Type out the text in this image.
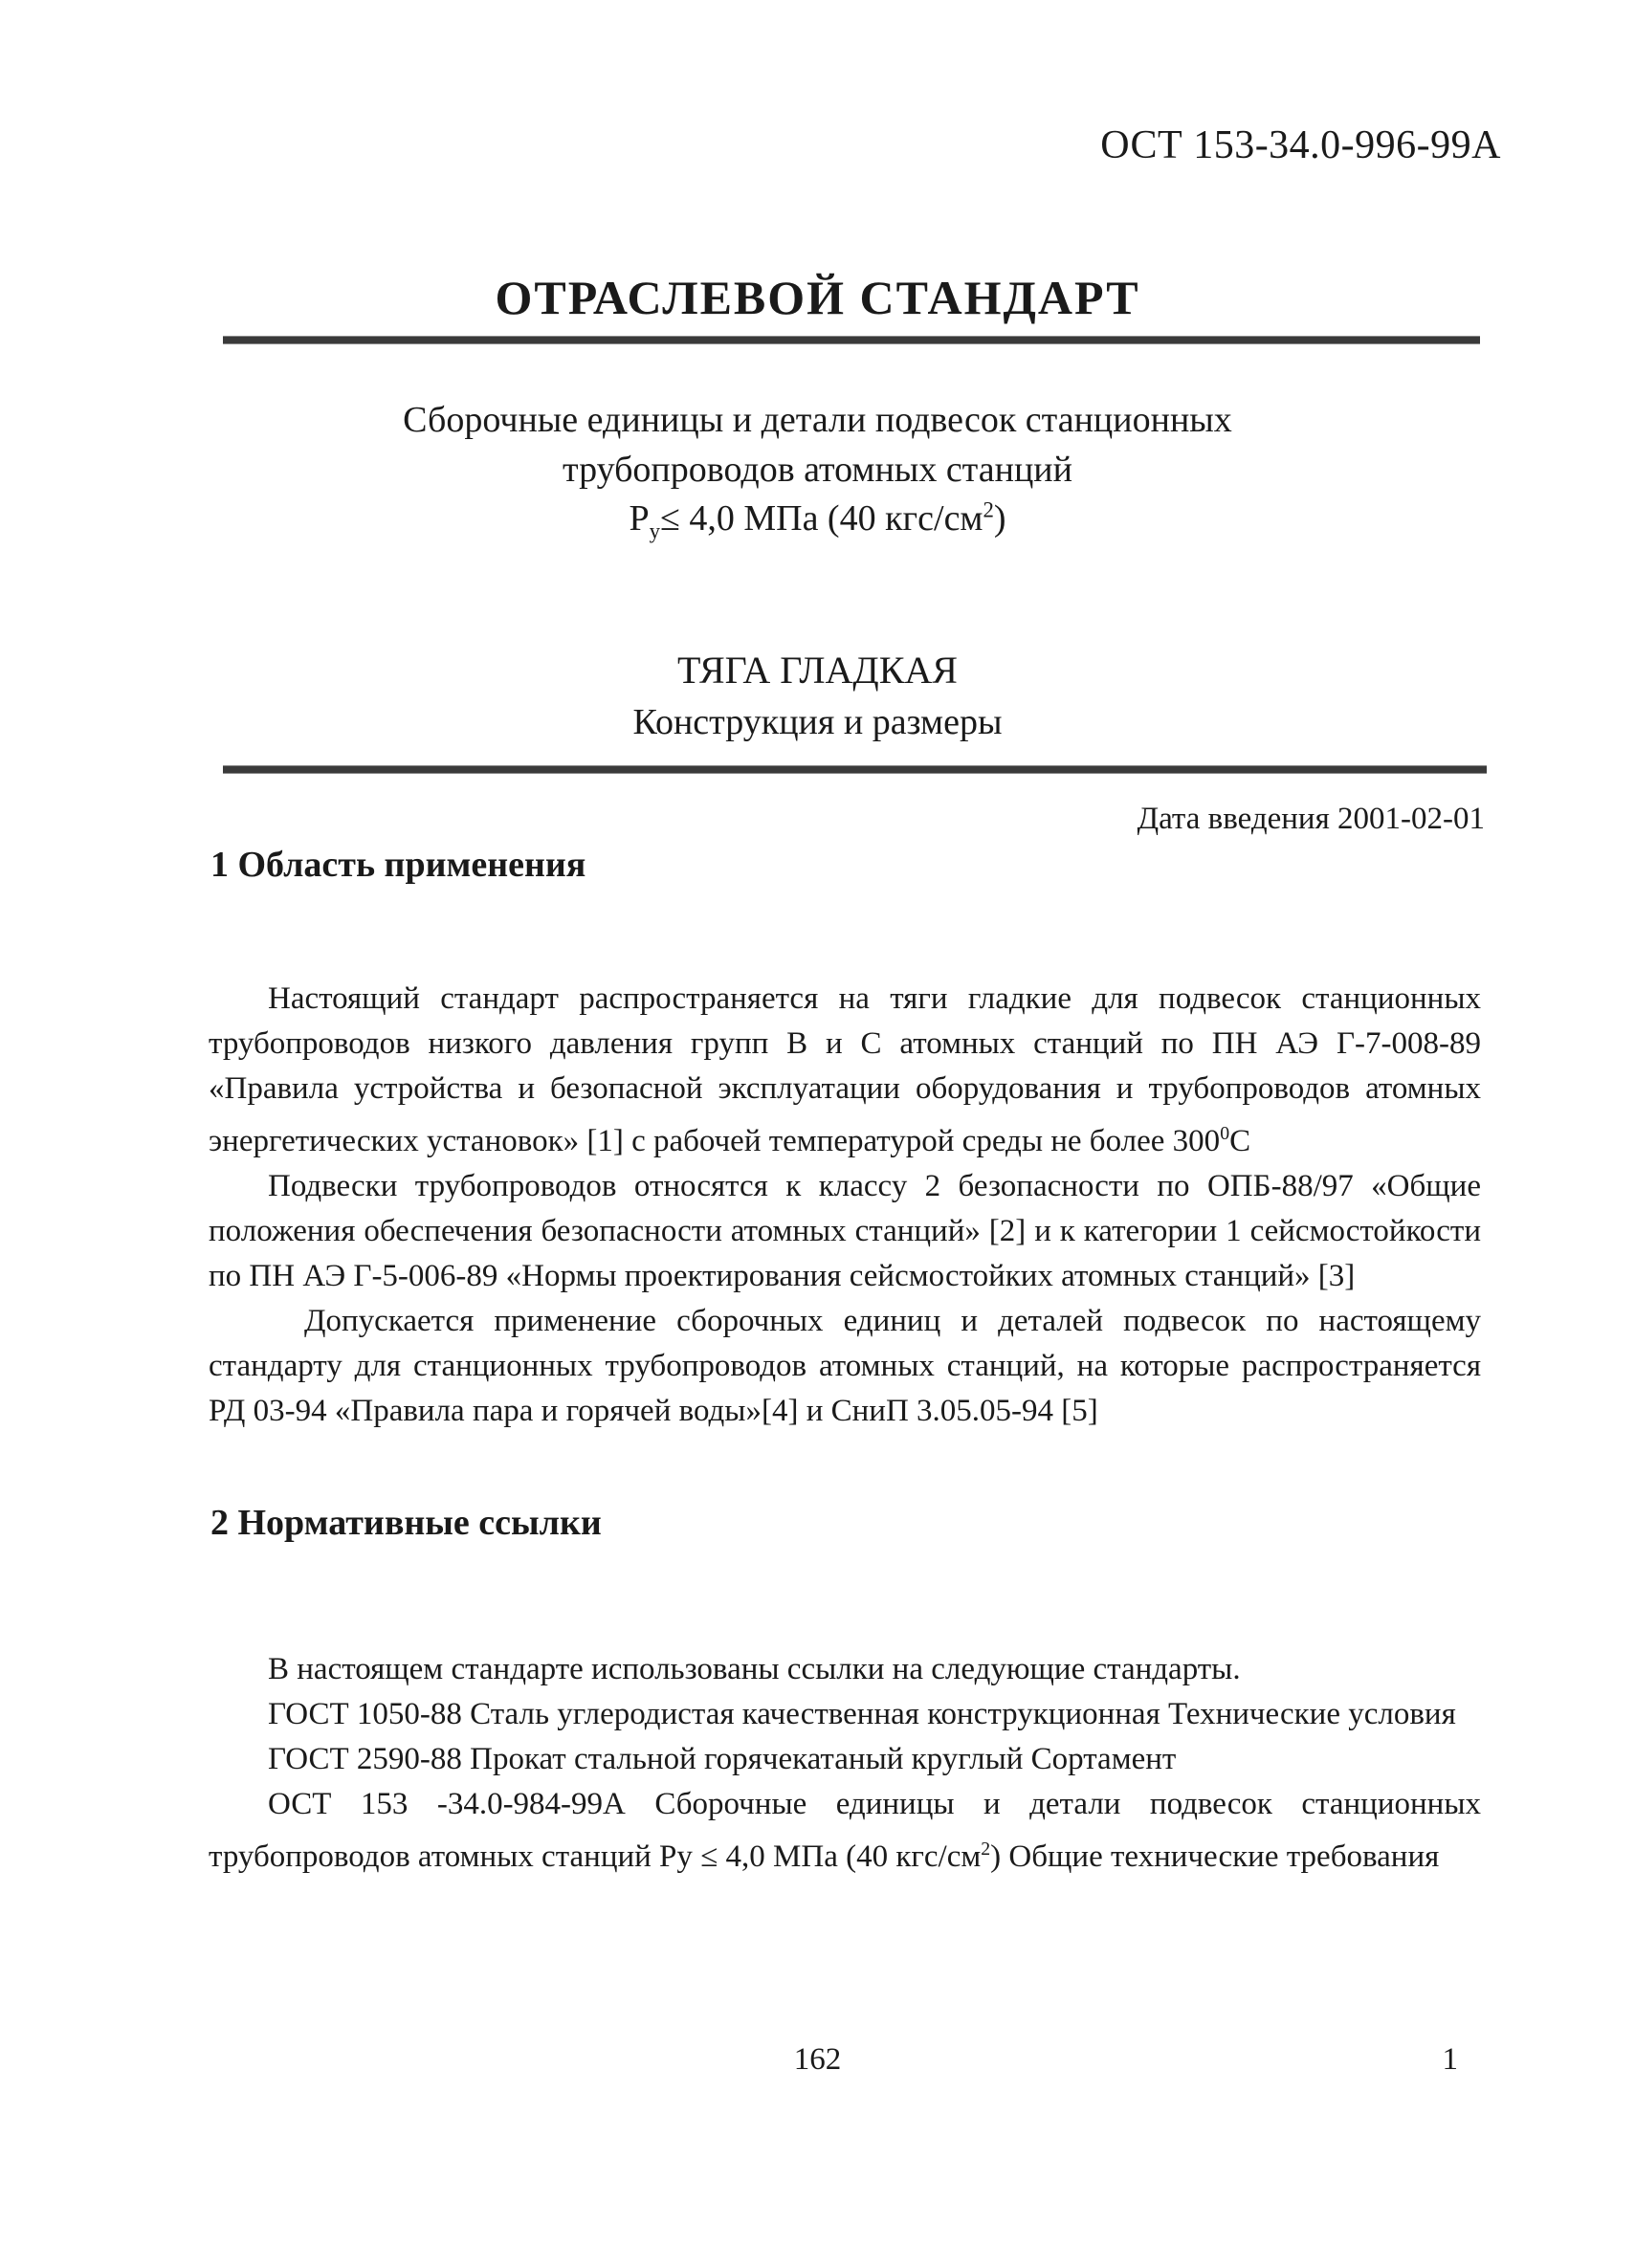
ОСТ 153-34.0-996-99А
ОТРАСЛЕВОЙ СТАНДАРТ
Сборочные единицы и детали подвесок станционных
трубопроводов атомных станций
$Р_у\le 4,0$ МПа (40 кгс/$см^2$)
ТЯГА ГЛАДКАЯ
Конструкция и размеры
Дата введения 2001-02-01
1 Область применения

Настоящий стандарт распространяется на тяги гладкие для подвесок станционных трубопроводов низкого давления групп В и С атомных станций по ПН АЭ Г-7-008-89 «Правила устройства и безопасной эксплуатации оборудования и трубопроводов атомных энергетических установок» [1] с рабочей температурой среды не более $300^0С$

Подвески трубопроводов относятся к классу 2 безопасности по ОПБ-88/97 «Общие положения обеспечения безопасности атомных станций» [2] и к категории 1 сейсмостойкости по ПН АЭ Г-5-006-89 «Нормы проектирования сейсмостойких атомных станций» [3]

Допускается применение сборочных единиц и деталей подвесок по настоящему стандарту для станционных трубопроводов атомных станций, на которые распространяется РД 03-94 «Правила пара и горячей воды»[4] и СниП 3.05.05-94 [5]

2 Нормативные ссылки

В настоящем стандарте использованы ссылки на следующие стандарты.

ГОСТ 1050-88 Сталь углеродистая качественная конструкционная Технические условия

ГОСТ 2590-88 Прокат стальной горячекатаный круглый Сортамент

ОСТ 153 -34.0-984-99А Сборочные единицы и детали подвесок станционных трубопроводов атомных станций Ру ≤ 4,0 МПа (40 кгс/$см^2$) Общие технические требования

162	1
